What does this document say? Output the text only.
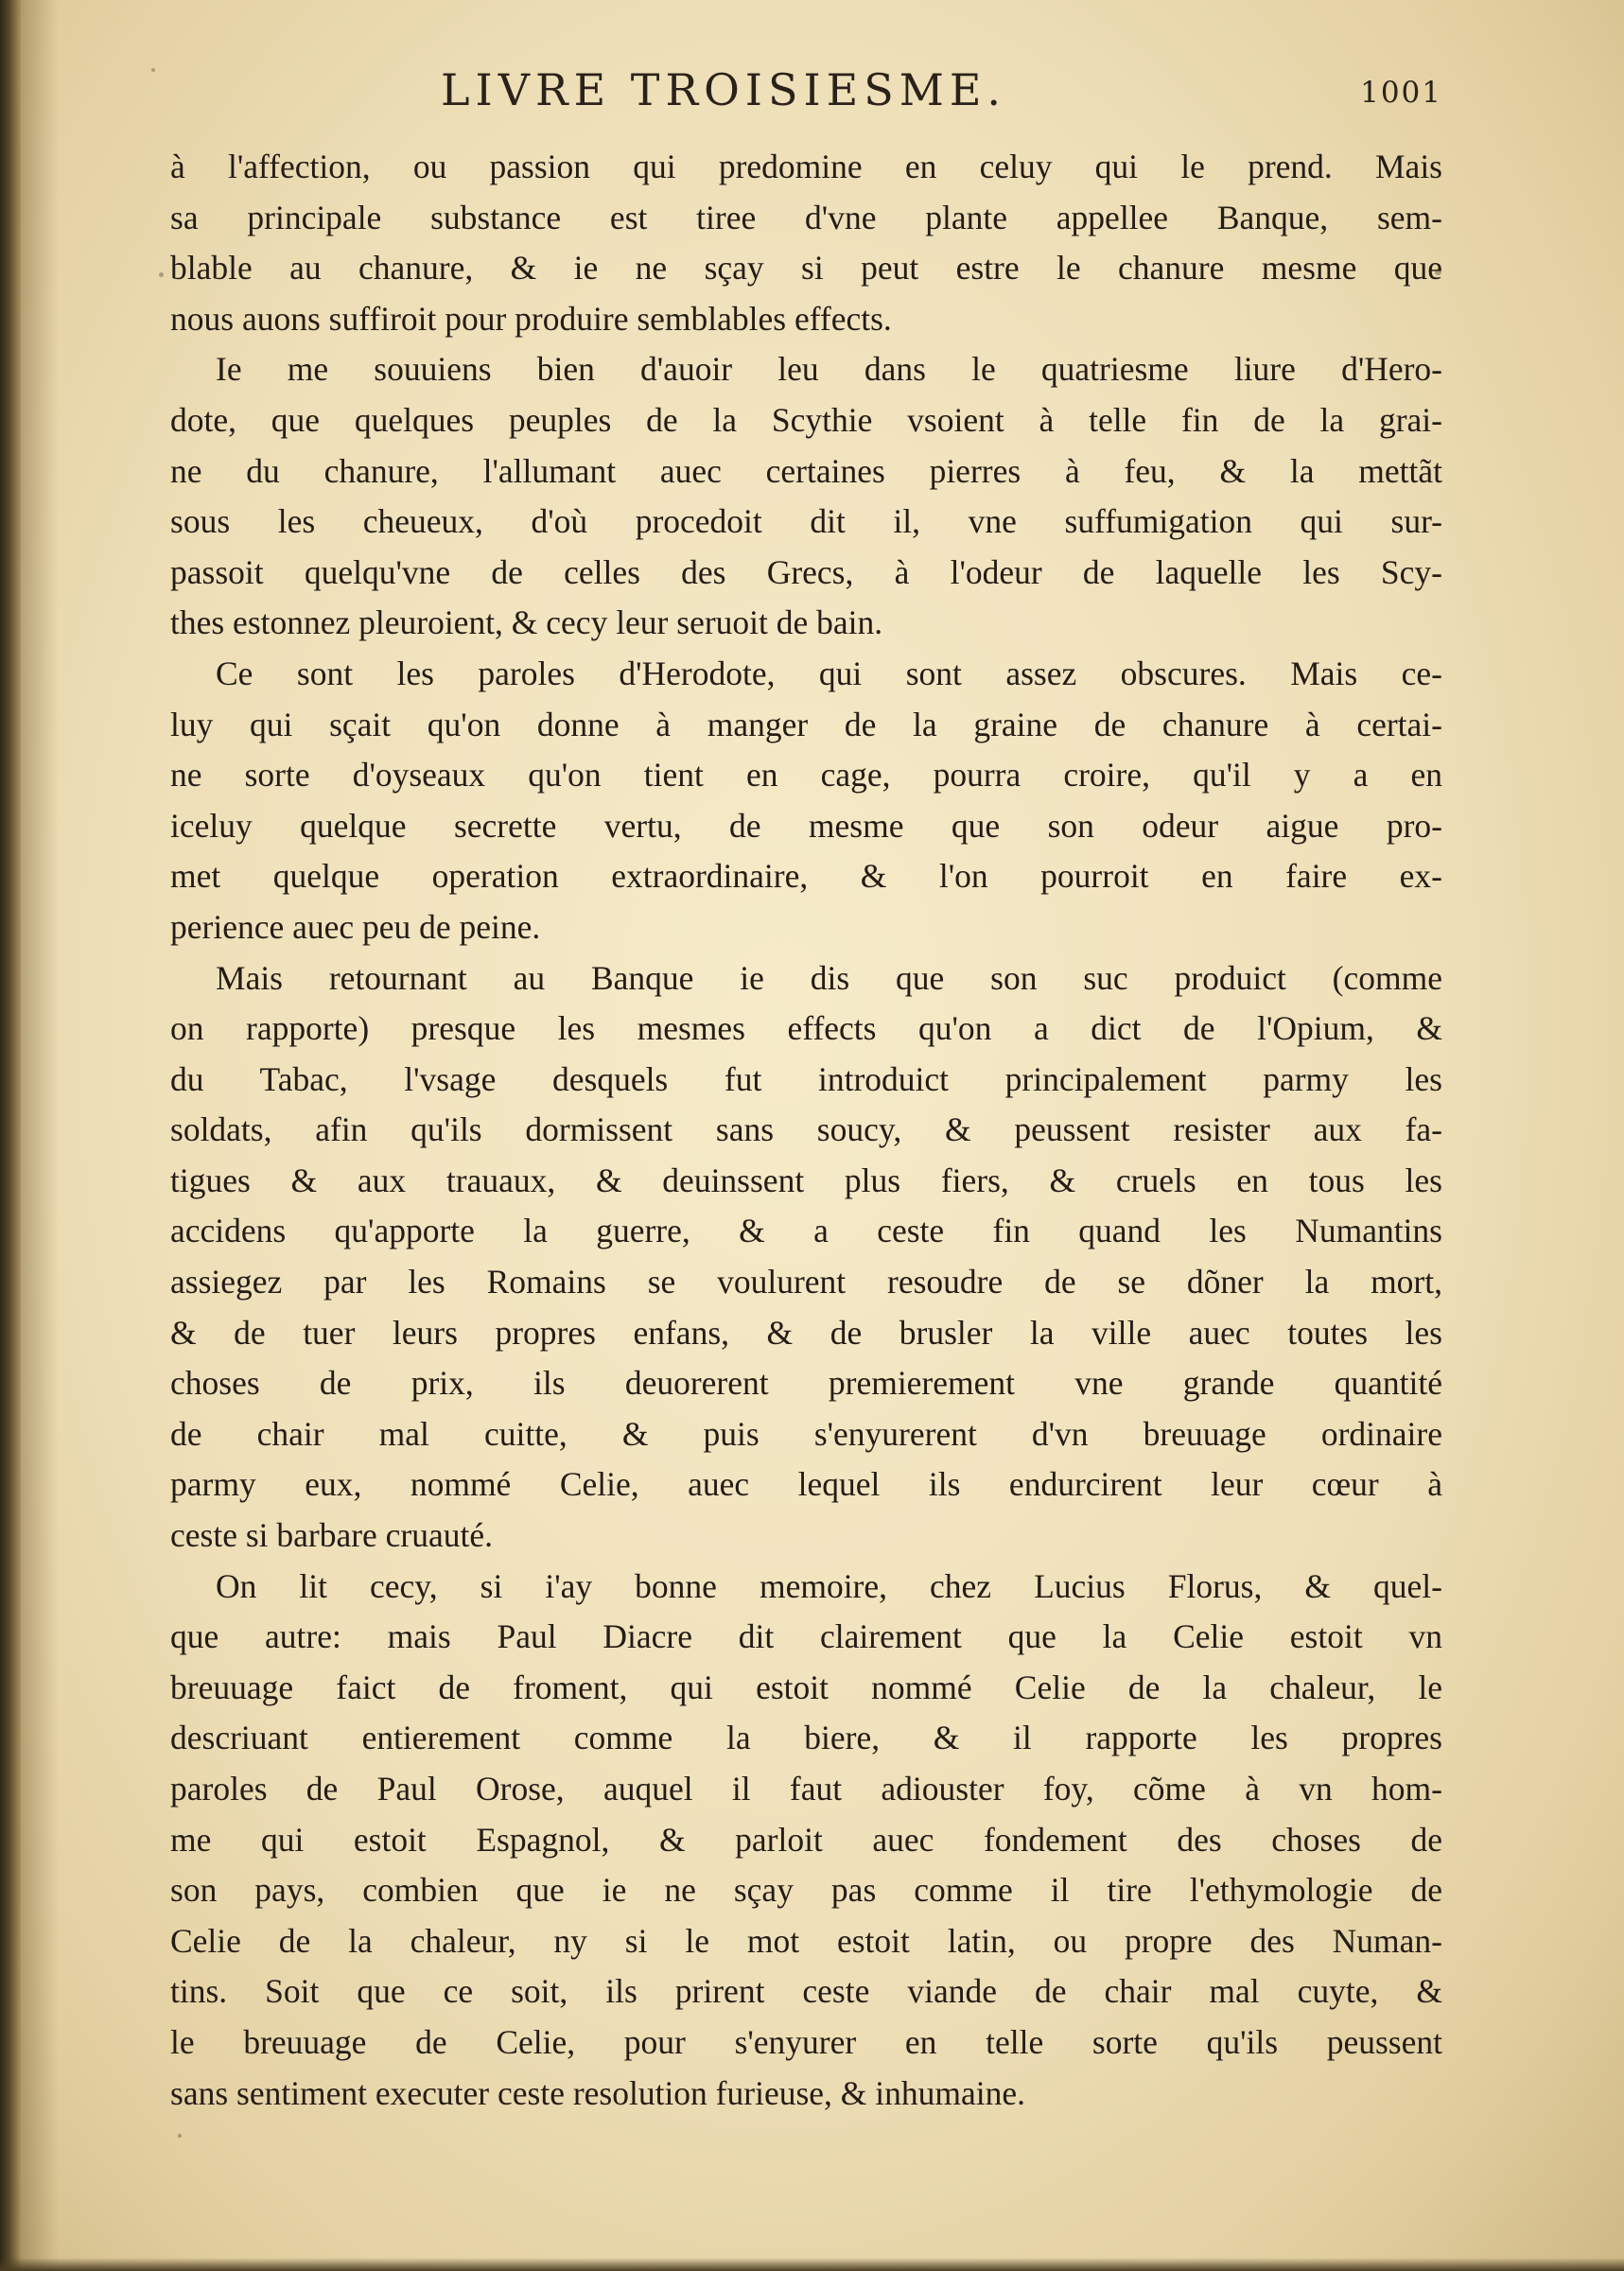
LIVRE TROISIESME.	1001
à l'affection, ou passion qui predomine en celuy qui le prend. Mais
sa principale substance est tiree d'vne plante appellee Banque, sem-
blable au chanure, & ie ne sçay si peut estre le chanure mesme que
nous auons suffiroit pour produire semblables effects.
Ie me souuiens bien d'auoir leu dans le quatriesme liure d'Hero-
dote, que quelques peuples de la Scythie vsoient à telle fin de la grai-
ne du chanure, l'allumant auec certaines pierres à feu, & la mettãt
sous les cheueux, d'où procedoit dit il, vne suffumigation qui sur-
passoit quelqu'vne de celles des Grecs, à l'odeur de laquelle les Scy-
thes estonnez pleuroient, & cecy leur seruoit de bain.
Ce sont les paroles d'Herodote, qui sont assez obscures. Mais ce-
luy qui sçait qu'on donne à manger de la graine de chanure à certai-
ne sorte d'oyseaux qu'on tient en cage, pourra croire, qu'il y a en
iceluy quelque secrette vertu, de mesme que son odeur aigue pro-
met quelque operation extraordinaire, & l'on pourroit en faire ex-
perience auec peu de peine.
Mais retournant au Banque ie dis que son suc produict (comme
on rapporte) presque les mesmes effects qu'on a dict de l'Opium, &
du Tabac, l'vsage desquels fut introduict principalement parmy les
soldats, afin qu'ils dormissent sans soucy, & peussent resister aux fa-
tigues & aux trauaux, & deuinssent plus fiers, & cruels en tous les
accidens qu'apporte la guerre, & a ceste fin quand les Numantins
assiegez par les Romains se voulurent resoudre de se dõner la mort,
& de tuer leurs propres enfans, & de brusler la ville auec toutes les
choses de prix, ils deuorerent premierement vne grande quantité
de chair mal cuitte, & puis s'enyurerent d'vn breuuage ordinaire
parmy eux, nommé Celie, auec lequel ils endurcirent leur cœur à
ceste si barbare cruauté.
On lit cecy, si i'ay bonne memoire, chez Lucius Florus, & quel-
que autre: mais Paul Diacre dit clairement que la Celie estoit vn
breuuage faict de froment, qui estoit nommé Celie de la chaleur, le
descriuant entierement comme la biere, & il rapporte les propres
paroles de Paul Orose, auquel il faut adiouster foy, cõme à vn hom-
me qui estoit Espagnol, & parloit auec fondement des choses de
son pays, combien que ie ne sçay pas comme il tire l'ethymologie de
Celie de la chaleur, ny si le mot estoit latin, ou propre des Numan-
tins. Soit que ce soit, ils prirent ceste viande de chair mal cuyte, &
le breuuage de Celie, pour s'enyurer en telle sorte qu'ils peussent
sans sentiment executer ceste resolution furieuse, & inhumaine.
